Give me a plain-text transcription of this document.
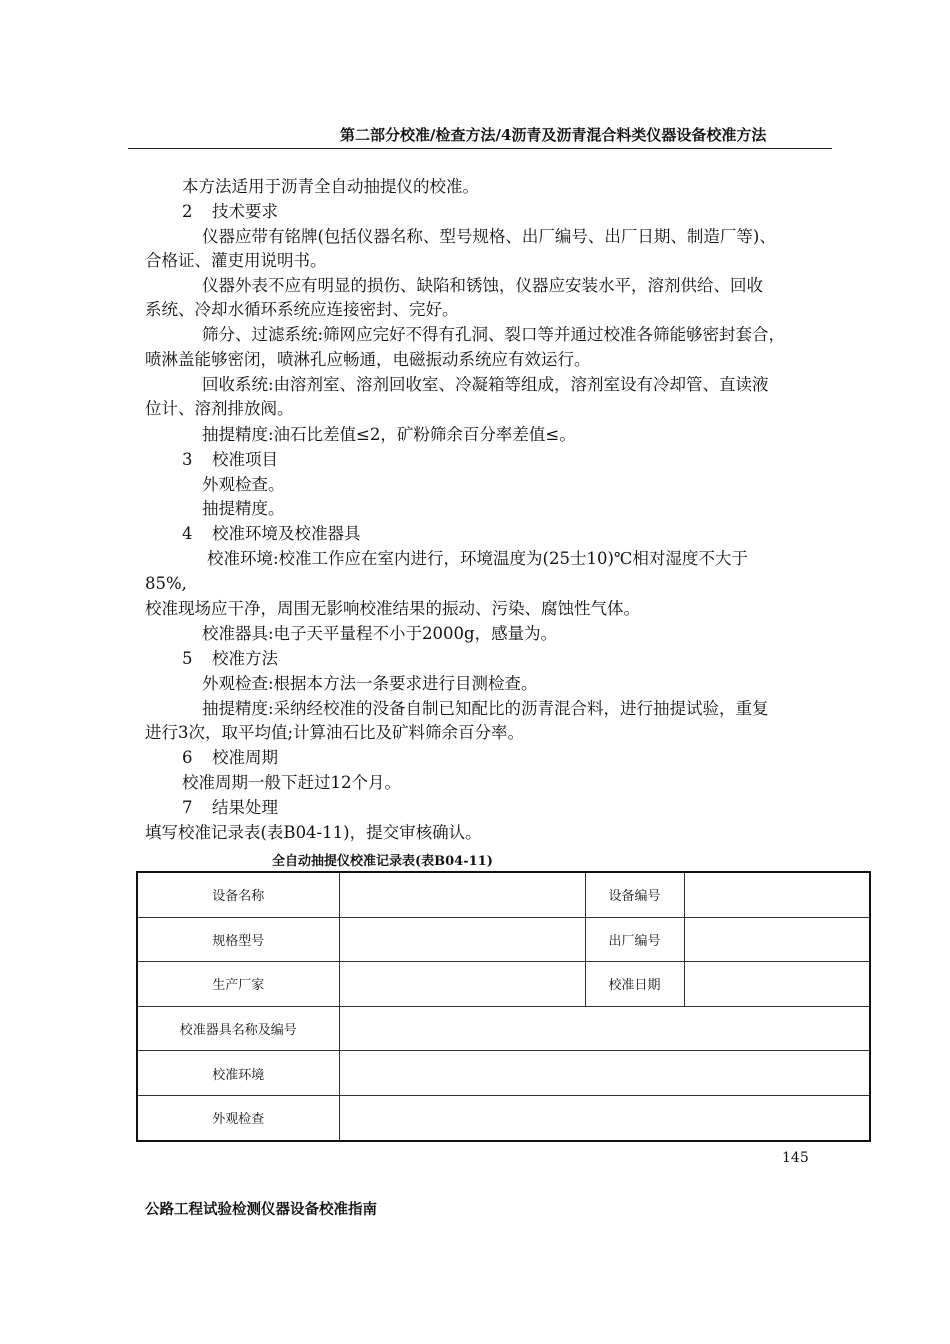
第二部分校准/检查方法/4沥青及沥青混合料类仪器设备校准方法
本方法适用于沥青全自动抽提仪的校准。
2 技术要求
仪器应带有铭牌(包括仪器名称、型号规格、出厂编号、出厂日期、制造厂等)、
合格证、灌吏用说明书。
仪器外表不应有明显的损伤、缺陷和锈蚀，仪器应安装水平，溶剂供给、回收
系统、冷却水循环系统应连接密封、完好。
筛分、过滤系统:筛网应完好不得有孔洞、裂口等并通过校准各筛能够密封套合，
喷淋盖能够密闭，喷淋孔应畅通，电磁振动系统应有效运行。
回收系统:由溶剂室、溶剂回收室、冷凝箱等组成，溶剂室设有冷却管、直读液
位计、溶剂排放阀。
抽提精度:油石比差值≤2，矿粉筛余百分率差值≤。
3 校准项目
外观检查。
抽提精度。
4 校准环境及校准器具
校准环境:校准工作应在室内进行，环境温度为(25士10)℃相对湿度不大于
85%,
校准现场应干净，周围无影响校准结果的振动、污染、腐蚀性气体。
校准器具:电子天平量程不小于2000g，感量为。
5 校准方法
外观检查:根据本方法一条要求进行目测检查。
抽提精度:采纳经校准的没备自制已知配比的沥青混合料，进行抽提试验，重复
进行3次，取平均值;计算油石比及矿料筛余百分率。
6 校准周期
校准周期一般下赶过12个月。
7 结果处理
填写校准记录表(表B04-11)，提交审核确认。
全自动抽提仪校准记录表(表B04-11)
设备名称		设备编号	
规格型号		出厂编号	
生产厂家		校准日期	
校准器具名称及编号			
校准环境			
外观检查			
145
公路工程试验检测仪器设备校准指南
